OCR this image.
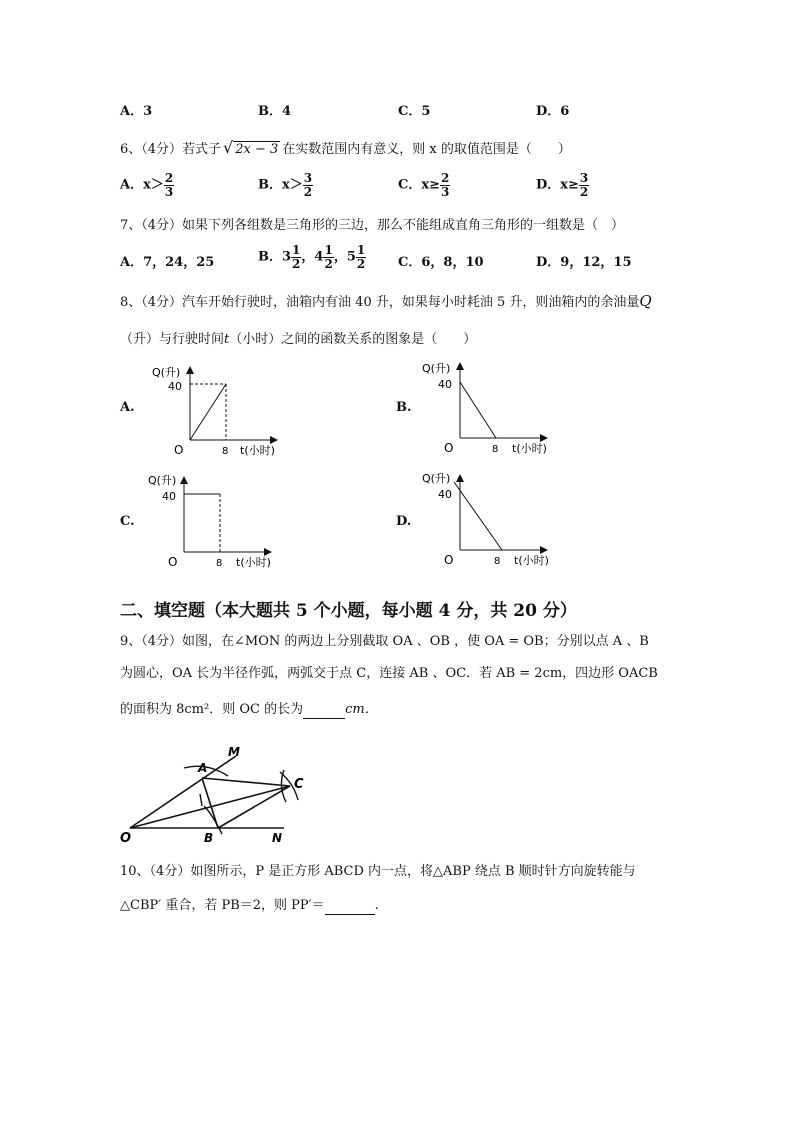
A．3	B．4	C．5	D．6
6、（4分）若式子 √ 2x − 3 在实数范围内有意义，则 x 的取值范围是（　　）
A．$x> \frac{2}{3}$	B．$x> \frac{3}{2}$	C．$x\ge \frac{2}{3}$	D．$x\ge \frac{3}{2}$
7、（4分）如果下列各组数是三角形的三边，那么不能组成直角三角形的一组数是（　）
A．7，24，25	B．$3 \frac{1}{2}$ ，$4 \frac{1}{2}$ ，$5 \frac{1}{2}$ C．6，8，10	D．9，12，15
8、（4分）汽车开始行驶时，油箱内有油 40 升，如果每小时耗油 5 升，则油箱内的余油量Q
（升）与行驶时间t（小时）之间的函数关系的图象是（　　）
A.	B.
C.	D.
Q(升)
40
O	8 t(小时)
Q(升)
40
O	8 t(小时)
Q(升)
40
O	8 t(小时)
Q(升)
40
O	8 t(小时)
二、填空题（本大题共 5 个小题，每小题 4 分，共 20 分）
9、（4分）如图，在∠MON 的两边上分别截取 OA 、OB ，使 OA = OB；分别以点 A 、B
为圆心，OA 长为半径作弧，两弧交于点 C，连接 AB 、OC．若 AB = 2cm，四边形 OACB
的面积为 8cm²．则 OC 的长为	cm．
O
A
B
C
M
N
10、（4分）如图所示，P 是正方形 ABCD 内一点，将△ABP 绕点 B 顺时针方向旋转能与
△CBP′ 重合，若 PB＝2，则 PP′＝	.
